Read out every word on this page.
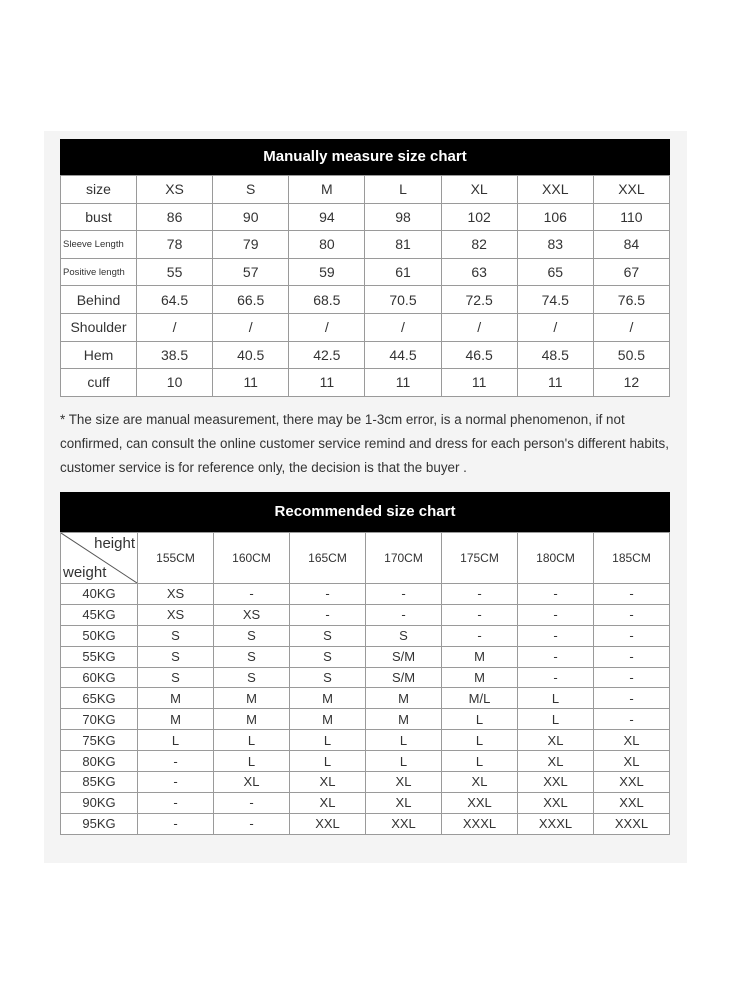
Manually measure size chart
size	XS	S	M	L	XL	XXL	XXL
bust	86	90	94	98	102	106	110
Sleeve Length	78	79	80	81	82	83	84
Positive length	55	57	59	61	63	65	67
Behind	64.5	66.5	68.5	70.5	72.5	74.5	76.5
Shoulder	/	/	/	/	/	/	/
Hem	38.5	40.5	42.5	44.5	46.5	48.5	50.5
cuff	10	11	11	11	11	11	12
* The size are manual measurement, there may be 1-3cm error, is a normal phenomenon, if not confirmed, can consult the online customer service remind and dress for each person's different habits, customer service is for reference only, the decision is that the buyer .
Recommended size chart
height
weight	155CM	160CM	165CM	170CM	175CM	180CM	185CM
40KG	XS	-	-	-	-	-	-
45KG	XS	XS	-	-	-	-	-
50KG	S	S	S	S	-	-	-
55KG	S	S	S	S/M	M	-	-
60KG	S	S	S	S/M	M	-	-
65KG	M	M	M	M	M/L	L	-
70KG	M	M	M	M	L	L	-
75KG	L	L	L	L	L	XL	XL
80KG	-	L	L	L	L	XL	XL
85KG	-	XL	XL	XL	XL	XXL	XXL
90KG	-	-	XL	XL	XXL	XXL	XXL
95KG	-	-	XXL	XXL	XXXL	XXXL	XXXL
